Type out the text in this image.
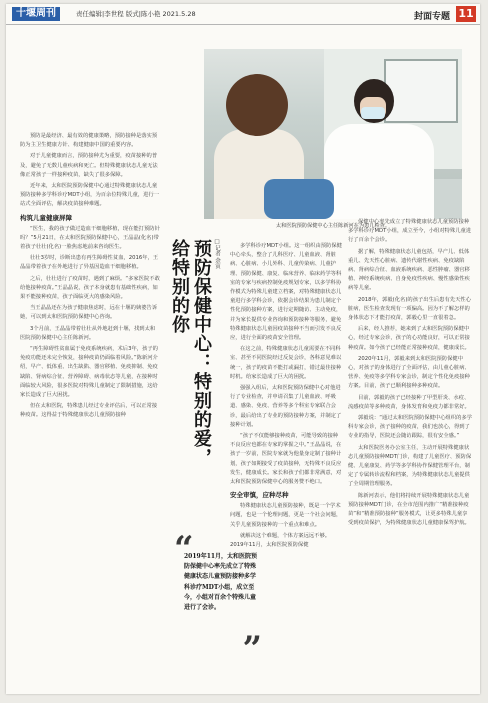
十堰周刊	责任编辑|李世程 版式|陈小艳 2021.5.28	封面专题 11

预防是最经济、最有效的健康策略，预防接种是落实预防为主卫生健康方针、构建健康中国的重要内容。

对于儿童健康而言，预防接种尤为重要，疫苗接种的普及，避免了无数儿童疾病和死亡。但特殊健康状态儿童无法像正常孩子一样接种疫苗，缺失了很多保障。

近年来，太和医院预防保健中心通过特殊健康状态儿童预防接种多学科诊疗MDT小组，为百余位特殊儿童，进行一站式全面评估，解决疫苗接种难题。

构筑儿童健康屏障

“医生，我的孩子做过造血干细胞移植，现在能打预防针吗？”5月21日，在太和医院预防保健中心，王晶晶(化名)带着孩子壮壮(化名)一脸焦虑地前来咨询医生。

壮壮3岁时，诊断出患有再生障碍性贫血，2016年，王晶晶带着孩子在外地进行了异基因造血干细胞移植。

之后，壮壮进行了疫苗时，遇到了麻烦。“多家医院不敢给他接种疫苗。”王晶晶说，孩子本身就患有基础性疾病，如果不能接种疫苗，孩子面临更大的感染风险。

当王晶晶还在为孩子健康焦虑时，远在十堰的姨婆告诉她，可以到太和医院预防保健中心咨询。

3个月前，王晶晶带着壮壮从外地赶到十堰，找到太和医院预防保健中心主任陈新河。

“再生障碍性贫血属于免疫系统疾病，术后3年，孩子的免疫功能还未完全恢复，接种疫苗仍面临着风险。”陈新河介绍，早产、低体重、出生缺陷、器官移植、免疫抑制、免疫缺陷、肾病综合征、营养障碍、病毒状态等儿童，在接种时面临较大风险，很多医院对特殊儿童制定了限制措施，这给家长造成了巨大困扰。

但在太和医院，特殊患儿经过专业评估后，可以正常接种疫苗。这得益于特殊健康状态儿童预防接种	预防保健中心：特别的爱，给特别的你	□记者 余寅
“
2019年11月，太和医院预防保健中心率先成立了特殊健康状态儿童预防接种多学科诊疗MDT小组，成立至今，小组对百余个特殊儿童进行了会诊。
”
太和医院预防保健中心主任陈新河在为患儿检查。

多学科诊疗MDT小组。这一组织由预防保健中心牵头，整合了儿科医疗、儿童血液、肾脏病、心脏病、小儿外科、儿童传染病、儿童护理、预防保健、康复、临床营养、临床药学等科室的专家与疾病控制免疫规划专家，以多学科协作模式为特殊儿童建立档案，对特殊健康状态儿童进行多学科会诊，依据会诊结果为患儿制定个性化预防接种方案，进行定期随访、主动免疫，并为家长提供专业咨询和预防接种等服务，避免特殊健康状态儿童因疫苗接种不当而引发不良反应，进行全面的疫苗安全管理。

在这之前，特殊健康状态儿童需要在不同科室、甚至不同医院经过反复会诊，各科意见难以统一，孩子的疫苗不能打或漏打，错过最佳接种时机。给家长造成了巨大的困扰。

强强入组后，太和医院预防保健中心对他进行了专业检查，并申请召集了儿童血液、呼吸道、感染、免疫、营养等多个科室专家联合会诊，最后给出了专业的预防接种方案，并制定了接种计划。

“孩子不仅能够接种疫苗，可能导致的接种不良反应也都在专家的掌握之中。”王晶晶说，在孩子一岁前，医院专家就为他量身定制了接种计划，孩子如期接受了疫苗接种，无特殊不良反应发生，健康成长。家长和孩子们都非常满意，对太和医院预防保健中心的服务赞不绝口。

安全审慎，应种尽种

特殊健康状态儿童预防接种，既是一个学术问题，也是一个伦理问题，更是一个社会问题，关乎儿童预防接种的一个重点和难点。

就解决这个难题，个体方案远远不够。2019年11月，太和医院预防保健

保健中心率先成立了特殊健康状态儿童预防接种多学科诊疗MDT小组，成立至今，小组对特殊儿童进行了百余个会诊。

据了解，特殊健康状态儿童包括，早产儿、低体重儿、先天性心脏病、遗传代谢性疾病、免疫缺陷病、肾病综合征、血液系统疾病、恶性肿瘤、器官移植、神经系统疾病、自身免疫性疾病、慢性感染性疾病等儿童。

2018年，郭毅(化名)的孩子出生后患有先天性心脏病，医生检查发现有一项偏高。因为不了解怎样的身体状态下才能打疫苗，郭毅心里一直很着急。

后来，经人推荐，她来到了太和医院预防保健中心，经过专家会诊，孩子的心功能良好，可以正常接种疫苗。如今孩子已经能正常接种疫苗，健康成长。

2020年11月，郭毅来到太和医院预防保健中心，对孩子的身体进行了全面评估，由儿童心脏病、营养、免疫等多学科专家会诊，制定个性化免疫接种方案。目前，孩子已顺利接种多种疫苗。

目前，郭毅的孩子已经接种了甲型肝炎、水痘、流感疫苗等多种疫苗，身体发育和免疫力都非常好。

郭毅说：“通过太和医院预防保健中心组织的多学科专家会诊，孩子接种的疫苗，我们也放心，得到了专业的指导，医院还会随访跟踪，很有安全感。”

太和医院医务办公室主任，主动开展特殊健康状态儿童预防接种MDT门诊，构建了儿童医疗、预防保健、儿童康复、药学等多学科协作保健管理平台，制定了专属转诊流程和档案，为特殊健康状态儿童提供了全周期管理服务。

陈新河表示，他们将持续开展特殊健康状态儿童预防接种MDT门诊，在全市范围内推广“精准接种疫苗”和“精准预防接种”服务模式，让更多特殊儿童享受到疫苗保护，为特殊健康状态儿童健康保驾护航。
